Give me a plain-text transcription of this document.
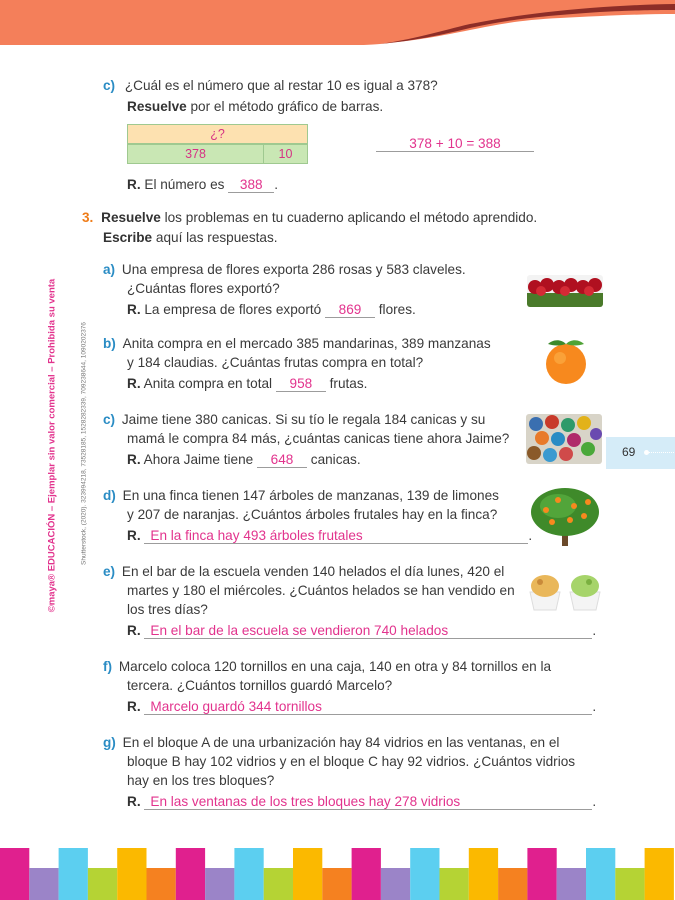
©maya® EDUCACIÓN – Ejemplar sin valor comercial – Prohibida su venta	Shutterstock, (2020). 323994218, 73528185, 1528282339, 709238644, 1090202376
c) ¿Cuál es el número que al restar 10 es igual a 378?
Resuelve por el método gráfico de barras.
¿?
378	10
378 + 10 = 388
R. El número es 388 .
3. Resuelve los problemas en tu cuaderno aplicando el método aprendido.
Escribe aquí las respuestas.
a) Una empresa de flores exporta 286 rosas y 583 claveles.
¿Cuántas flores exportó?
R. La empresa de flores exportó 869 flores.
b) Anita compra en el mercado 385 mandarinas, 389 manzanas
y 184 claudias. ¿Cuántas frutas compra en total?
R. Anita compra en total 958 frutas.
c) Jaime tiene 380 canicas. Si su tío le regala 184 canicas y su
mamá le compra 84 más, ¿cuántas canicas tiene ahora Jaime?
R. Ahora Jaime tiene 648 canicas.	69
d) En una finca tienen 147 árboles de manzanas, 139 de limones
y 207 de naranjas. ¿Cuántos árboles frutales hay en la finca?
R. En la finca hay 493 árboles frutales	.
e) En el bar de la escuela venden 140 helados el día lunes, 420 el
martes y 180 el miércoles. ¿Cuántos helados se han vendido en
los tres días?
R. En el bar de la escuela se vendieron 740 helados	.
f) Marcelo coloca 120 tornillos en una caja, 140 en otra y 84 tornillos en la
tercera. ¿Cuántos tornillos guardó Marcelo?
R. Marcelo guardó 344 tornillos	.
g) En el bloque A de una urbanización hay 84 vidrios en las ventanas, en el
bloque B hay 102 vidrios y en el bloque C hay 92 vidrios. ¿Cuántos vidrios
hay en los tres bloques?
R. En las ventanas de los tres bloques hay 278 vidrios	.
